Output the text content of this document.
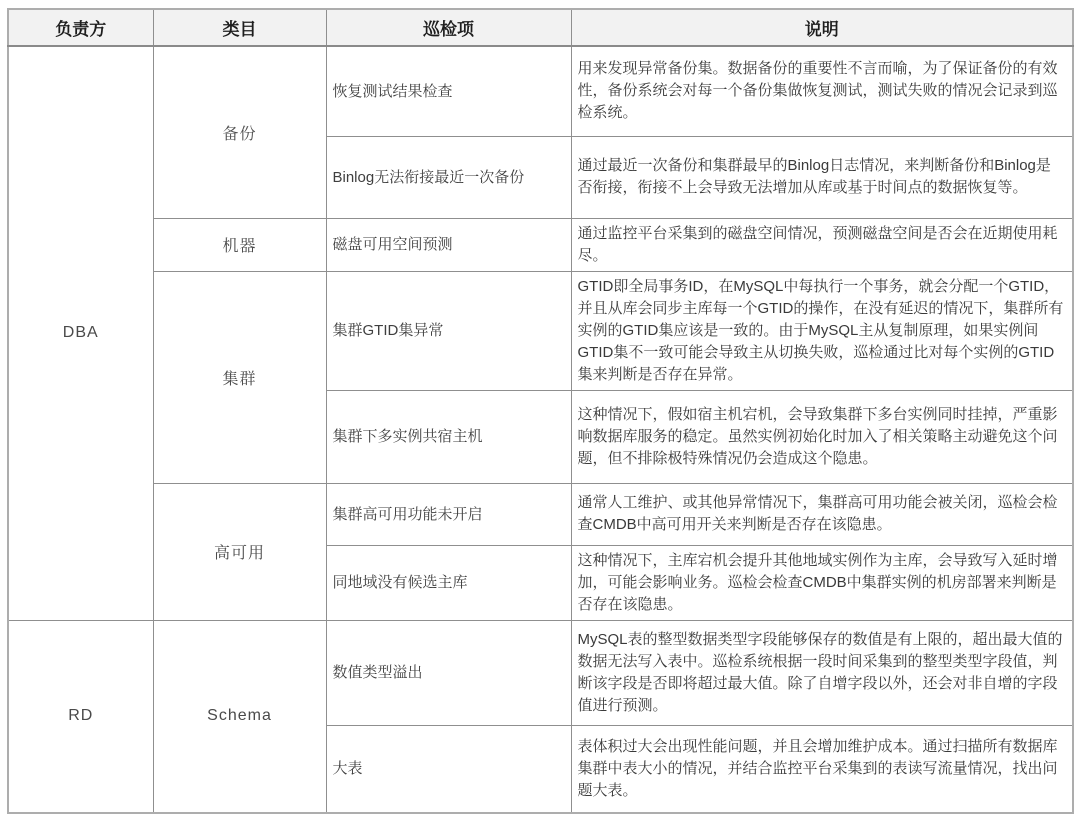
负责方	类目	巡检项	说明
DBA	备份	恢复测试结果检查	用来发现异常备份集。数据备份的重要性不言而喻，为了保证备份的有效性，备份系统会对每一个备份集做恢复测试，测试失败的情况会记录到巡检系统。
		Binlog无法衔接最近一次备份	通过最近一次备份和集群最早的Binlog日志情况，来判断备份和Binlog是否衔接，衔接不上会导致无法增加从库或基于时间点的数据恢复等。
	机器	磁盘可用空间预测	通过监控平台采集到的磁盘空间情况，预测磁盘空间是否会在近期使用耗尽。
	集群	集群GTID集异常	GTID即全局事务ID，在MySQL中每执行一个事务，就会分配一个GTID，并且从库会同步主库每一个GTID的操作，在没有延迟的情况下，集群所有实例的GTID集应该是一致的。由于MySQL主从复制原理，如果实例间GTID集不一致可能会导致主从切换失败，巡检通过比对每个实例的GTID集来判断是否存在异常。
		集群下多实例共宿主机	这种情况下，假如宿主机宕机，会导致集群下多台实例同时挂掉，严重影响数据库服务的稳定。虽然实例初始化时加入了相关策略主动避免这个问题，但不排除极特殊情况仍会造成这个隐患。
	高可用	集群高可用功能未开启	通常人工维护、或其他异常情况下，集群高可用功能会被关闭，巡检会检查CMDB中高可用开关来判断是否存在该隐患。
		同地域没有候选主库	这种情况下，主库宕机会提升其他地域实例作为主库，会导致写入延时增加，可能会影响业务。巡检会检查CMDB中集群实例的机房部署来判断是否存在该隐患。
RD	Schema	数值类型溢出	MySQL表的整型数据类型字段能够保存的数值是有上限的，超出最大值的数据无法写入表中。巡检系统根据一段时间采集到的整型类型字段值，判断该字段是否即将超过最大值。除了自增字段以外，还会对非自增的字段值进行预测。
		大表	表体积过大会出现性能问题，并且会增加维护成本。通过扫描所有数据库集群中表大小的情况，并结合监控平台采集到的表读写流量情况，找出问题大表。
